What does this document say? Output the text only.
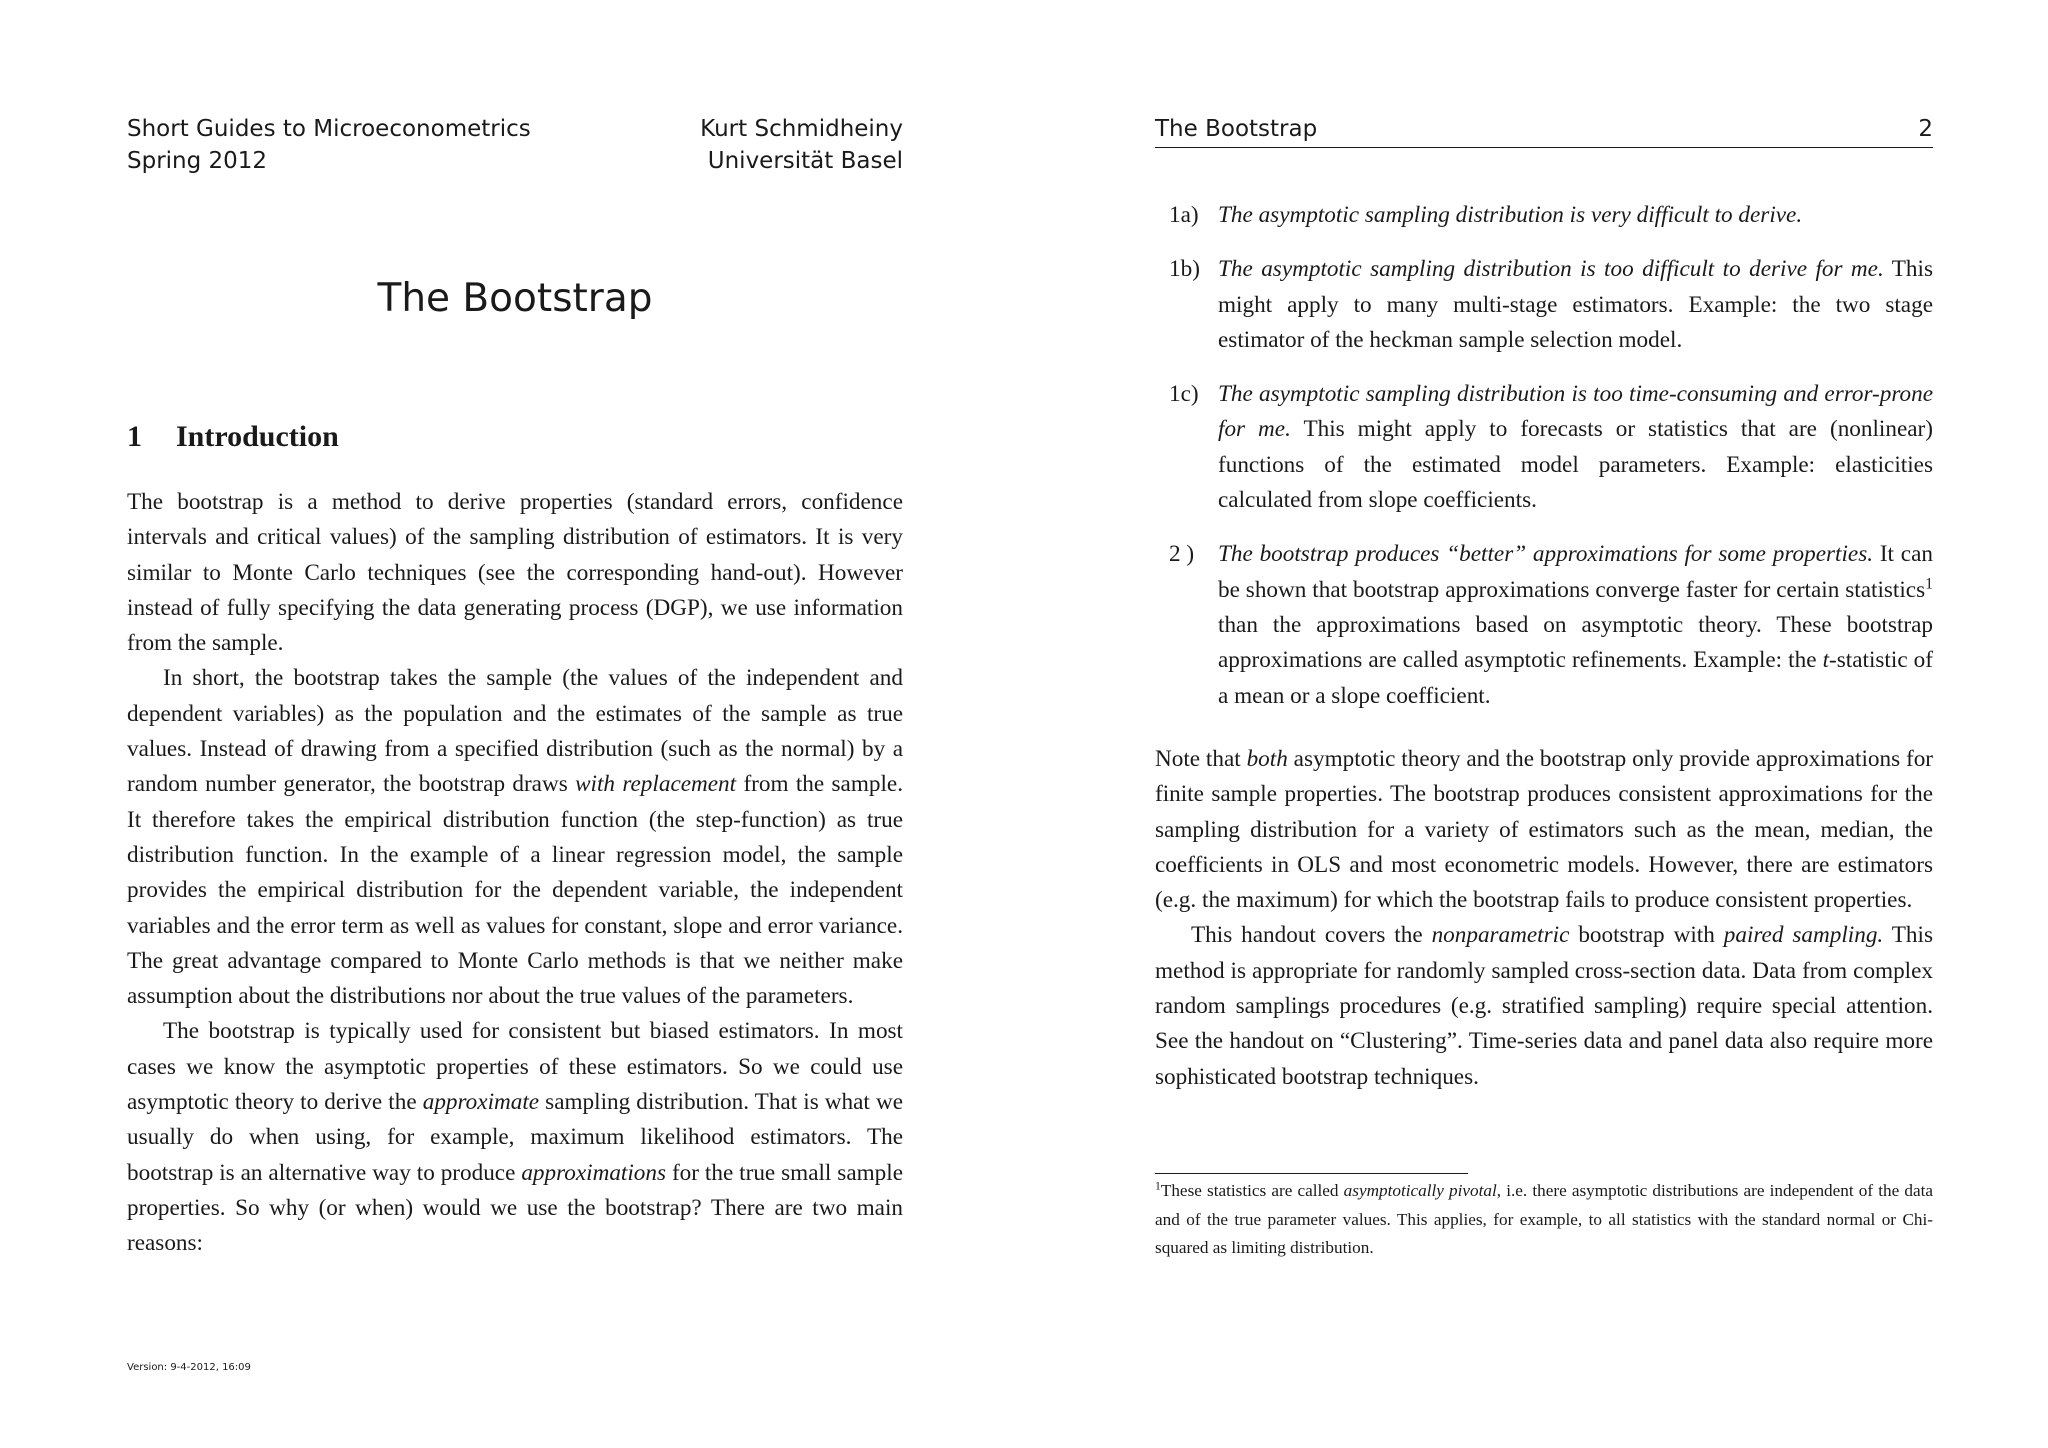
Short Guides to Microeconometrics
Spring 2012
Kurt Schmidheiny
Universität Basel
The Bootstrap
1 Introduction

The bootstrap is a method to derive properties (standard errors, confidence intervals and critical values) of the sampling distribution of estimators. It is very similar to Monte Carlo techniques (see the corresponding hand-out). However instead of fully specifying the data generating process (DGP), we use information from the sample.

In short, the bootstrap takes the sample (the values of the independent and dependent variables) as the population and the estimates of the sample as true values. Instead of drawing from a specified distribution (such as the normal) by a random number generator, the bootstrap draws with replacement from the sample. It therefore takes the empirical distribution function (the step-function) as true distribution function. In the example of a linear regression model, the sample provides the empirical distribution for the dependent variable, the independent variables and the error term as well as values for constant, slope and error variance. The great advantage compared to Monte Carlo methods is that we neither make assumption about the distributions nor about the true values of the parameters.

The bootstrap is typically used for consistent but biased estimators. In most cases we know the asymptotic properties of these estimators. So we could use asymptotic theory to derive the approximate sampling distribution. That is what we usually do when using, for example, maximum likelihood estimators. The bootstrap is an alternative way to produce approximations for the true small sample properties. So why (or when) would we use the bootstrap? There are two main reasons:

Version: 9-4-2012, 16:09
The Bootstrap	2
1a) The asymptotic sampling distribution is very difficult to derive.
1b) The asymptotic sampling distribution is too difficult to derive for me. This might apply to many multi-stage estimators. Example: the two stage estimator of the heckman sample selection model.
1c) The asymptotic sampling distribution is too time-consuming and error-prone for me. This might apply to forecasts or statistics that are (nonlinear) functions of the estimated model parameters. Example: elasticities calculated from slope coefficients.
2 ) The bootstrap produces “better” approximations for some properties. It can be shown that bootstrap approximations converge faster for certain statistics$^1$ than the approximations based on asymptotic theory. These bootstrap approximations are called asymptotic refinements. Example: the t-statistic of a mean or a slope coefficient.

Note that both asymptotic theory and the bootstrap only provide approximations for finite sample properties. The bootstrap produces consistent approximations for the sampling distribution for a variety of estimators such as the mean, median, the coefficients in OLS and most econometric models. However, there are estimators (e.g. the maximum) for which the bootstrap fails to produce consistent properties.

This handout covers the nonparametric bootstrap with paired sampling. This method is appropriate for randomly sampled cross-section data. Data from complex random samplings procedures (e.g. stratified sampling) require special attention. See the handout on “Clustering”. Time-series data and panel data also require more sophisticated bootstrap techniques.

$^1$These statistics are called asymptotically pivotal, i.e. there asymptotic distributions are independent of the data and of the true parameter values. This applies, for example, to all statistics with the standard normal or Chi-squared as limiting distribution.
